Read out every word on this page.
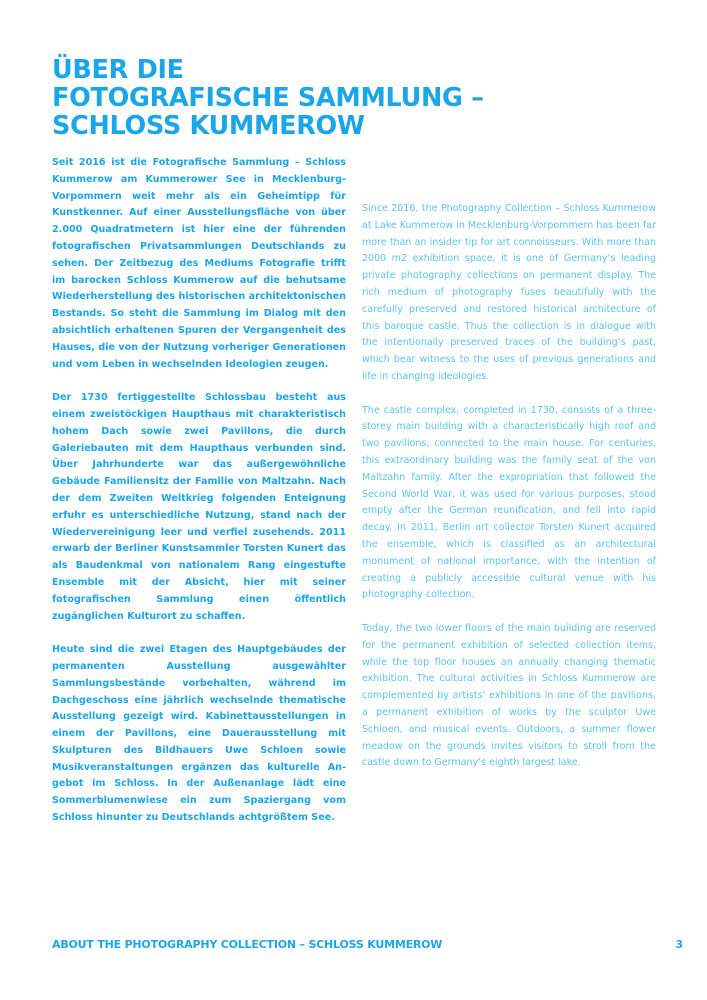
ÜBER DIE
FOTOGRAFISCHE SAMMLUNG –
SCHLOSS KUMMEROW

Seit 2016 ist die Fotografische Sammlung – Schloss Kummerow am Kummerower See in Mecklenburg-Vorpommern weit mehr als ein Geheimtipp für Kunstkenner. Auf einer Ausstellungsfläche von über 2.000 Quadratmetern ist hier eine der führenden fotografischen Privatsammlungen Deutschlands zu sehen. Der Zeitbezug des Mediums Fotografie trifft im barocken Schloss Kummerow auf die behutsame Wiederherstellung des historischen architektonischen Bestands. So steht die Sammlung im Dialog mit den absichtlich erhaltenen Spuren der Vergangenheit des Hauses, die von der Nutzung vorheriger Generationen und vom Leben in wechselnden Ideologien zeugen.

Der 1730 fertiggestellte Schlossbau besteht aus einem zweistöckigen Haupthaus mit charakteristisch hohem Dach sowie zwei Pavillons, die durch Galeriebauten mit dem Haupthaus verbunden sind. Über Jahrhunderte war das außergewöhnliche Gebäude Familiensitz der Familie von Maltzahn. Nach der dem Zweiten Weltkrieg folgenden Enteignung erfuhr es unterschiedliche Nutzung, stand nach der Wiedervereinigung leer und verfiel zusehends. 2011 erwarb der Berliner Kunstsammler Torsten Kunert das als Baudenkmal von nationalem Rang eingestufte Ensemble mit der Absicht, hier mit seiner fotografischen Sammlung einen öffentlich zugänglichen Kulturort zu schaffen.

Heute sind die zwei Etagen des Hauptgebäudes der permanenten Ausstellung ausgewählter Sammlungsbestände vorbehalten, während im Dachgeschoss eine jährlich wechselnde thematische Ausstellung gezeigt wird. Kabinettausstellungen in einem der Pavillons, eine Dauerausstellung mit Skulpturen des Bildhauers Uwe Schloen sowie Musikveranstaltungen ergänzen das kulturelle Angebot im Schloss. In der Außenanlage lädt eine Sommerblumenwiese ein zum Spaziergang vom Schloss hinunter zu Deutschlands achtgrößtem See.

Since 2016, the Photography Collection – Schloss Kummerow at Lake Kummerow in Mecklenburg-Vorpommern has been far more than an insider tip for art connoisseurs. With more than 2000 m2 exhibition space, it is one of Germany’s leading private photography collections on permanent display. The rich medium of photography fuses beautifully with the carefully preserved and restored historical architecture of this baroque castle. Thus the collection is in dialogue with the intentionally preserved traces of the building’s past, which bear witness to the uses of previous generations and life in changing ideologies.

The castle complex, completed in 1730, consists of a three-storey main building with a characteristically high roof and two pavilions, connected to the main house. For centuries, this extraordinary building was the family seat of the von Maltzahn family. After the expropriation that followed the Second World War, it was used for various purposes, stood empty after the German reunification, and fell into rapid decay. In 2011, Berlin art collector Torsten Kunert acquired the ensemble, which is classified as an architectural monument of national importance, with the intention of creating a publicly accessible cultural venue with his photography collection.

Today, the two lower floors of the main building are reserved for the permanent exhibition of selected collection items, while the top floor houses an annually changing thematic exhibition. The cultural activities in Schloss Kummerow are complemented by artists’ exhibitions in one of the pavilions, a permanent exhibition of works by the sculptor Uwe Schloen, and musical events. Outdoors, a summer flower meadow on the grounds invites visitors to stroll from the castle down to Germany’s eighth largest lake.

ABOUT THE PHOTOGRAPHY COLLECTION – SCHLOSS KUMMEROW	3
